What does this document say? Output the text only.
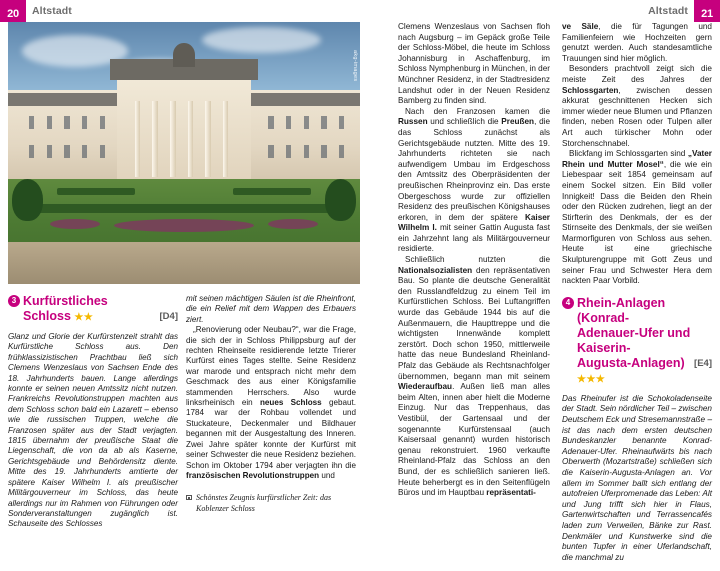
20	Altstadt	Altstadt	21
akg-images
3 Kurfürstliches
[D4]
Schloss ★★

Glanz und Glorie der Kurfürstenzeit strahlt das Kurfürstliche Schloss aus. Den frühklassizistischen Prachtbau ließ sich Clemens Wenzeslaus von Sachsen Ende des 18. Jahrhunderts bauen. Lange allerdings konnte er seinen neuen Amtssitz nicht nutzen. Frankreichs Revolutionstruppen machten aus dem Schloss schon bald ein Lazarett – ebenso wie die russischen Truppen, welche die Franzosen später aus der Stadt verjagten. 1815 übernahm der preußische Staat die Liegenschaft, die von da ab als Kaserne, Gerichtsgebäude und Behördensitz diente. Mitte des 19. Jahrhunderts amtierte der spätere Kaiser Wilhelm I. als preußischer Militärgouverneur im Schloss, das heute allerdings nur im Rahmen von Führungen oder Sonderveranstaltungen zugänglich ist. Schauseite des Schlosses

mit seinen mächtigen Säulen ist die Rheinfront, die ein Relief mit dem Wappen des Erbauers ziert.

„Renovierung oder Neubau?“, war die Frage, die sich der in Schloss Philippsburg auf der rechten Rheinseite residierende letzte Trierer Kurfürst eines Tages stellte. Seine Residenz war marode und entsprach nicht mehr dem Geschmack des aus einer Königsfamilie stammenden Herrschers. Also wurde linksrheinisch ein neues Schloss gebaut. 1784 war der Rohbau vollendet und Stuckateure, Deckenmaler und Bildhauer begannen mit der Ausgestaltung des Inneren. Zwei Jahre später konnte der Kurfürst mit seiner Schwester die neue Residenz beziehen. Schon im Oktober 1794 aber verjagten ihn die französischen Revolutionstruppen und

Schönstes Zeugnis kurfürstlicher Zeit: das Koblenzer Schloss

Clemens Wenzeslaus von Sachsen floh nach Augsburg – im Gepäck große Teile der Schloss-Möbel, die heute im Schloss Johannisburg in Aschaffenburg, im Schloss Nymphenburg in München, in der Münchner Residenz, in der Stadtresidenz Landshut oder in der Neuen Residenz Bamberg zu finden sind.

Nach den Franzosen kamen die Russen und schließlich die Preußen, die das Schloss zunächst als Gerichtsgebäude nutzten. Mitte des 19. Jahrhunderts richteten sie nach aufwendigem Umbau im Erdgeschoss den Amtssitz des Oberpräsidenten der preußischen Rheinprovinz ein. Das erste Obergeschoss wurde zur offiziellen Residenz des preußischen Königshauses erkoren, in dem der spätere Kaiser Wilhelm I. mit seiner Gattin Augusta fast ein Jahrzehnt lang als Militärgouverneur residierte.

Schließlich nutzten die Nationalsozialisten den repräsentativen Bau. So plante die deutsche Generalität den Russlandfeldzug zu einem Teil im Kurfürstlichen Schloss. Bei Luftangriffen wurde das Gebäude 1944 bis auf die Außenmauern, die Haupttreppe und die wichtigsten Innenwände komplett zerstört. Doch schon 1950, mittlerweile hatte das neue Bundesland Rheinland-Pfalz das Gebäude als Rechtsnachfolger übernommen, begann man mit seinem Wiederaufbau. Außen ließ man alles beim Alten, innen aber hielt die Moderne Einzug. Nur das Treppenhaus, das Vestibül, der Gartensaal und der sogenannte Kurfürstensaal (auch Kaisersaal genannt) wurden historisch genau rekonstruiert. 1960 verkaufte Rheinland-Pfalz das Schloss an den Bund, der es schließlich sanieren ließ. Heute beherbergt es in den Seitenflügeln Büros und im Hauptbau repräsentati-

ve Säle, die für Tagungen und Familienfeiern wie Hochzeiten gern genutzt werden. Auch standesamtliche Trauungen sind hier möglich.

Besonders prachtvoll zeigt sich die meiste Zeit des Jahres der Schlossgarten, zwischen dessen akkurat geschnittenen Hecken sich immer wieder neue Blumen und Pflanzen finden, neben Rosen oder Tulpen aller Art auch türkischer Mohn oder Storchenschnabel.

Blickfang im Schlossgarten sind „Vater Rhein und Mutter Mosel“, die wie ein Liebespaar seit 1854 gemeinsam auf einem Sockel sitzen. Ein Bild voller Innigkeit! Dass die Beiden den Rhein oder den Rücken zudrehen, liegt an der Stirfterin des Denkmals, der es der Stirnseite des Denkmals, der sie weißen Marmorfiguren von Schloss aus sehen. Heute ist eine griechische Skulpturengruppe mit Gott Zeus und seiner Frau und Schwester Hera dem nackten Paar Vorbild.

4 Rhein-Anlagen (Konrad-
Adenauer-Ufer und Kaiserin-
[E4]
Augusta-Anlagen) ★★★

Das Rheinufer ist die Schokoladenseite der Stadt. Sein nördlicher Teil – zwischen Deutschem Eck und Stresemannstraße – ist das nach dem ersten deutschen Bundeskanzler benannte Konrad-Adenauer-Ufer. Rheinaufwärts bis nach Oberwerth (Mozartstraße) schließen sich die Kaiserin-Augusta-Anlagen an. Vor allem im Sommer ballt sich entlang der autofreien Uferpromenade das Leben: Alt und Jung trifft sich hier in Flaus, Gartenwirtschaften und Terrassencafés laden zum Verweilen, Bänke zur Rast. Denkmäler und Kunstwerke sind die bunten Tupfer in einer Uferlandschaft, die manchmal zu
